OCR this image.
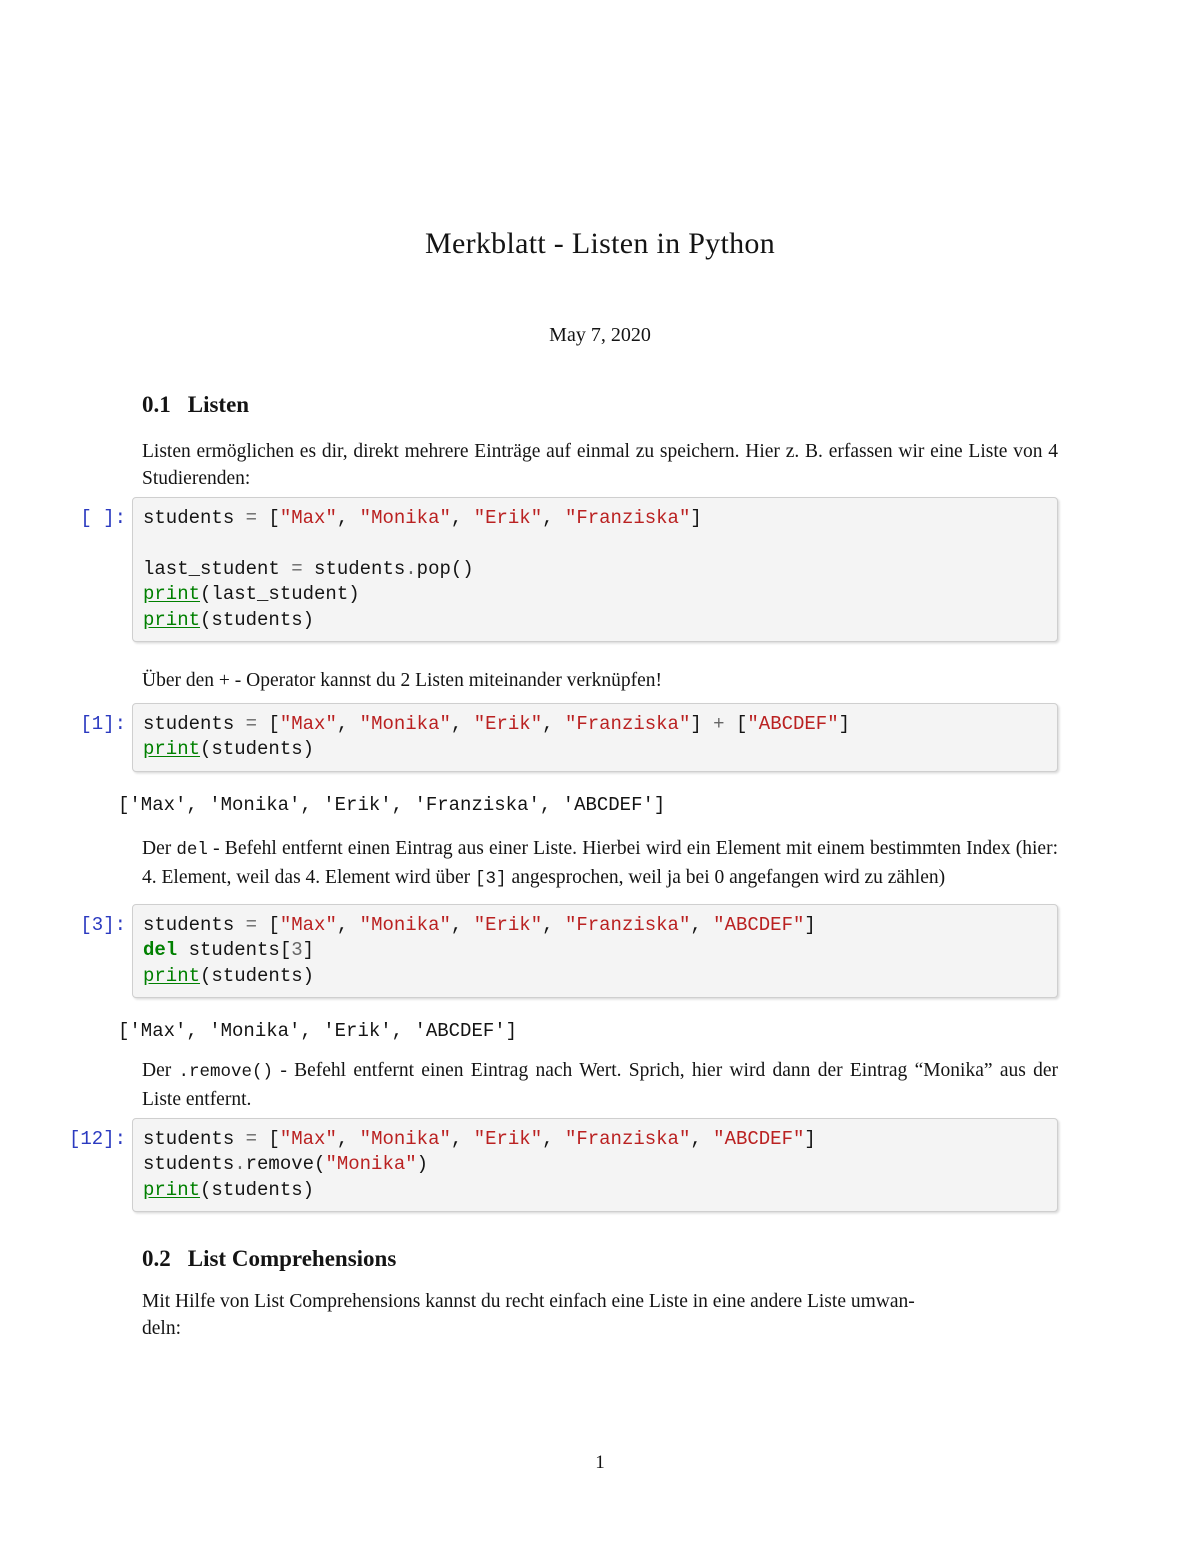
Merkblatt - Listen in Python
May 7, 2020
0.1 Listen

Listen ermöglichen es dir, direkt mehrere Einträge auf einmal zu speichern. Hier z. B. erfassen wir eine Liste von 4 Studierenden:

[ ]: students = ["Max", "Monika", "Erik", "Franziska"]

last_student = students.pop()
print(last_student)
print(students)

Über den + - Operator kannst du 2 Listen miteinander verknüpfen!

[1]: students = ["Max", "Monika", "Erik", "Franziska"] + ["ABCDEF"]
print(students)
['Max', 'Monika', 'Erik', 'Franziska', 'ABCDEF']

Der del - Befehl entfernt einen Eintrag aus einer Liste. Hierbei wird ein Element mit einem bestimmten Index (hier: 4. Element, weil das 4. Element wird über [3] angesprochen, weil ja bei 0 angefangen wird zu zählen)

[3]: students = ["Max", "Monika", "Erik", "Franziska", "ABCDEF"]
del students[3]
print(students)
['Max', 'Monika', 'Erik', 'ABCDEF']

Der .remove() - Befehl entfernt einen Eintrag nach Wert. Sprich, hier wird dann der Eintrag “Monika” aus der Liste entfernt.

[12]: students = ["Max", "Monika", "Erik", "Franziska", "ABCDEF"]
students.remove("Monika")
print(students)
0.2 List Comprehensions

Mit Hilfe von List Comprehensions kannst du recht einfach eine Liste in eine andere Liste umwan-
deln:

1
